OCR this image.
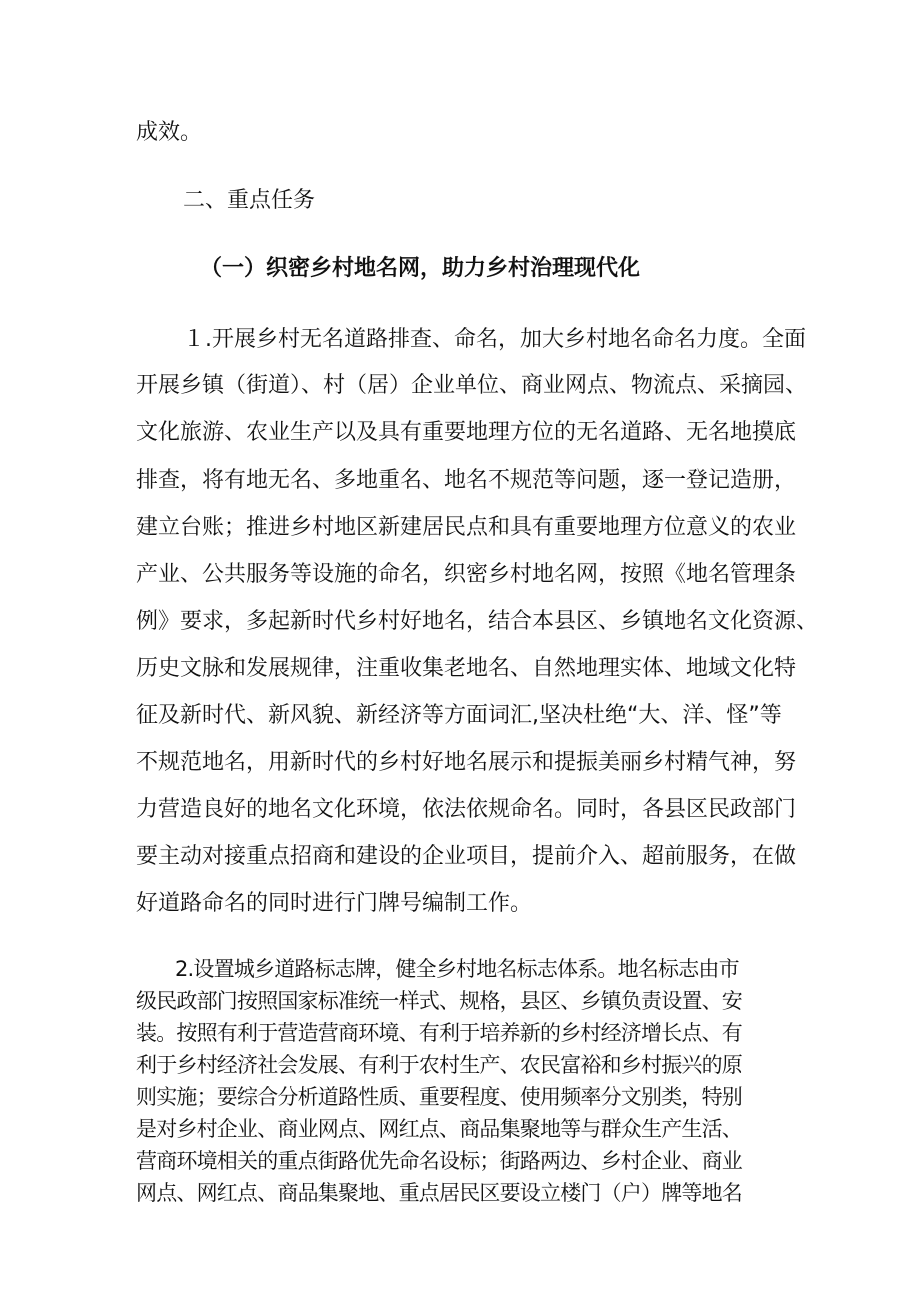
成效。
二、重点任务
（一）织密乡村地名网，助力乡村治理现代化
１.开展乡村无名道路排查、命名，加大乡村地名命名力度。全面
开展乡镇（街道）、村（居）企业单位、商业网点、物流点、采摘园、
文化旅游、农业生产以及具有重要地理方位的无名道路、无名地摸底
排查，将有地无名、多地重名、地名不规范等问题，逐一登记造册，
建立台账；推进乡村地区新建居民点和具有重要地理方位意义的农业
产业、公共服务等设施的命名，织密乡村地名网，按照《地名管理条
例》要求，多起新时代乡村好地名，结合本县区、乡镇地名文化资源、
历史文脉和发展规律，注重收集老地名、自然地理实体、地域文化特
征及新时代、新风貌、新经济等方面词汇,坚决杜绝“大、洋、怪”等
不规范地名，用新时代的乡村好地名展示和提振美丽乡村精气神，努
力营造良好的地名文化环境，依法依规命名。同时，各县区民政部门
要主动对接重点招商和建设的企业项目，提前介入、超前服务，在做
好道路命名的同时进行门牌号编制工作。
2.设置城乡道路标志牌，健全乡村地名标志体系。地名标志由市
级民政部门按照国家标准统一样式、规格，县区、乡镇负责设置、安
装。按照有利于营造营商环境、有利于培养新的乡村经济增长点、有
利于乡村经济社会发展、有利于农村生产、农民富裕和乡村振兴的原
则实施；要综合分析道路性质、重要程度、使用频率分文别类，特别
是对乡村企业、商业网点、网红点、商品集聚地等与群众生产生活、
营商环境相关的重点街路优先命名设标；街路两边、乡村企业、商业
网点、网红点、商品集聚地、重点居民区要设立楼门（户）牌等地名
